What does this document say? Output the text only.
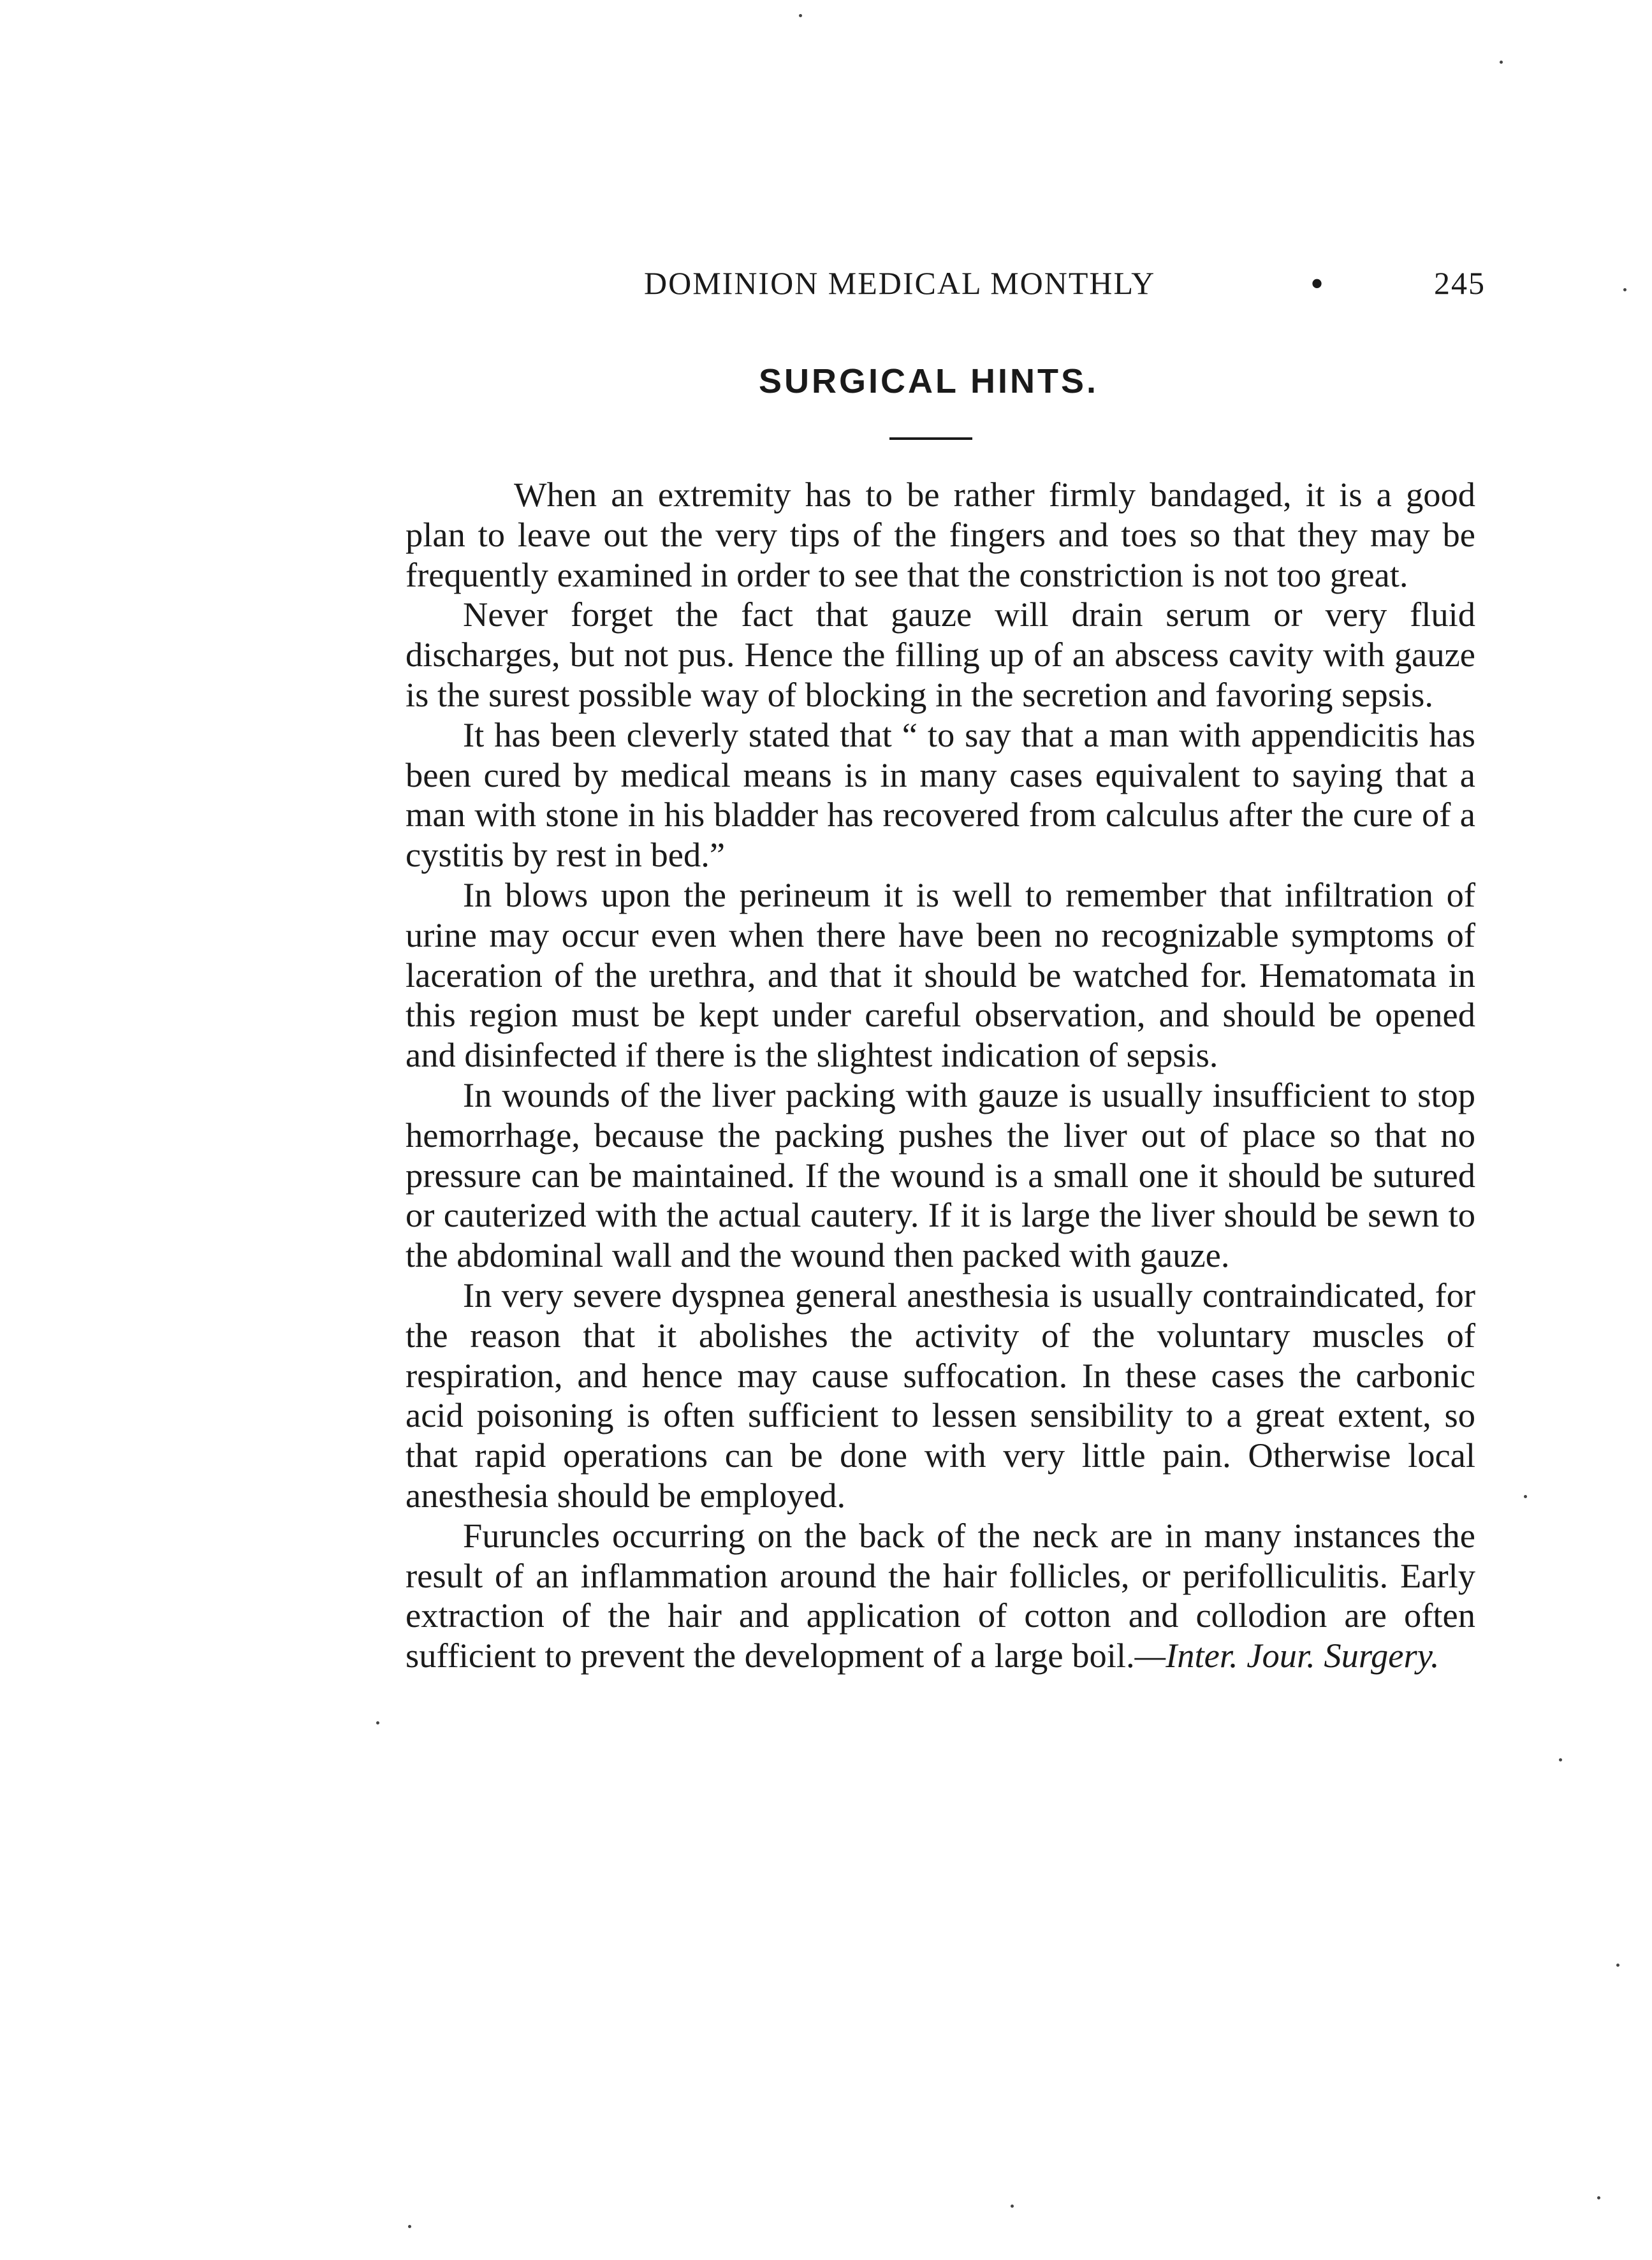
DOMINION MEDICAL MONTHLY	•	245
SURGICAL HINTS.

When an extremity has to be rather firmly bandaged, it is a good plan to leave out the very tips of the fingers and toes so that they may be frequently examined in order to see that the constriction is not too great.

Never forget the fact that gauze will drain serum or very fluid discharges, but not pus. Hence the filling up of an abscess cavity with gauze is the surest possible way of blocking in the secretion and favoring sepsis.

It has been cleverly stated that “ to say that a man with appendicitis has been cured by medical means is in many cases equivalent to saying that a man with stone in his bladder has recovered from calculus after the cure of a cystitis by rest in bed.”

In blows upon the perineum it is well to remember that infiltration of urine may occur even when there have been no recognizable symptoms of laceration of the urethra, and that it should be watched for. Hematomata in this region must be kept under careful observation, and should be opened and disinfected if there is the slightest indication of sepsis.

In wounds of the liver packing with gauze is usually insufficient to stop hemorrhage, because the packing pushes the liver out of place so that no pressure can be maintained. If the wound is a small one it should be sutured or cauterized with the actual cautery. If it is large the liver should be sewn to the abdominal wall and the wound then packed with gauze.

In very severe dyspnea general anesthesia is usually contraindicated, for the reason that it abolishes the activity of the voluntary muscles of respiration, and hence may cause suffocation. In these cases the carbonic acid poisoning is often sufficient to lessen sensibility to a great extent, so that rapid operations can be done with very little pain. Otherwise local anesthesia should be employed.

Furuncles occurring on the back of the neck are in many instances the result of an inflammation around the hair follicles, or perifolliculitis. Early extraction of the hair and application of cotton and collodion are often sufficient to prevent the development of a large boil.—Inter. Jour. Surgery.
